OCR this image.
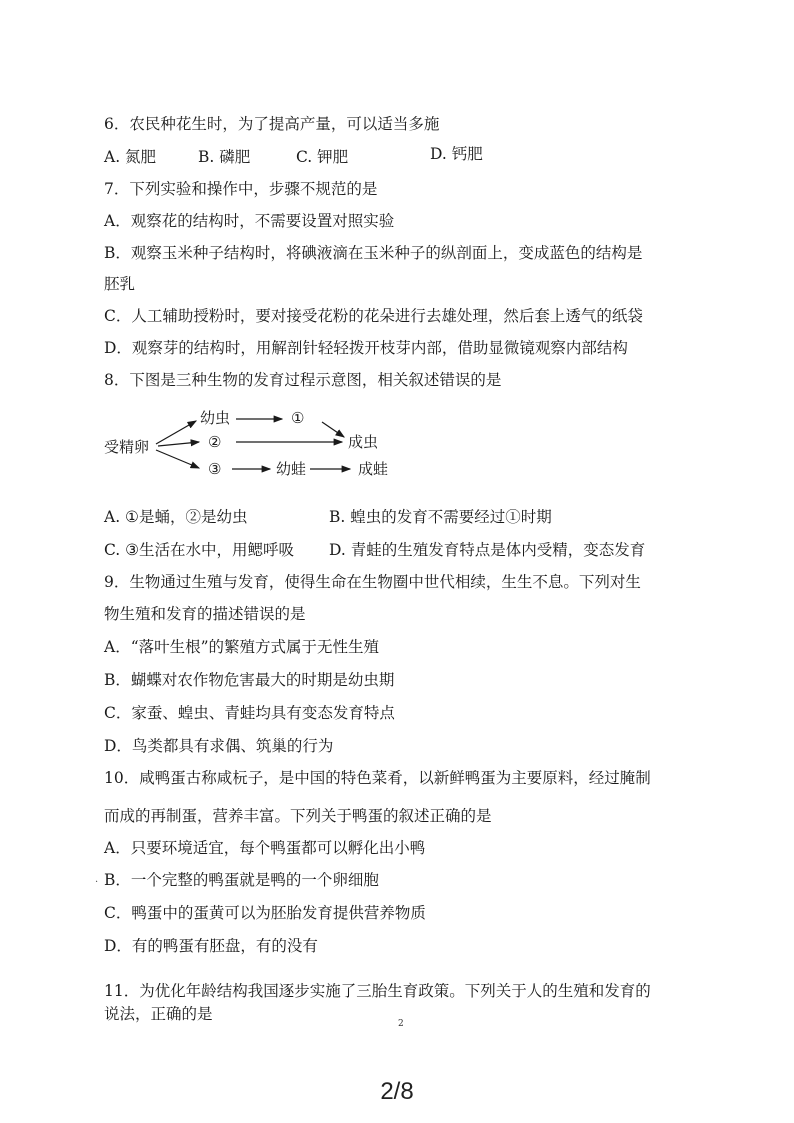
6．农民种花生时，为了提高产量，可以适当多施
A. 氮肥	B. 磷肥	C. 钾肥	D. 钙肥
7．下列实验和操作中，步骤不规范的是
A．观察花的结构时，不需要设置对照实验
B．观察玉米种子结构时，将碘液滴在玉米种子的纵剖面上，变成蓝色的结构是
胚乳
C．人工辅助授粉时，要对接受花粉的花朵进行去雄处理，然后套上透气的纸袋
D．观察芽的结构时，用解剖针轻轻拨开枝芽内部，借助显微镜观察内部结构
8．下图是三种生物的发育过程示意图，相关叙述错误的是
受精卵
幼虫	①
②	成虫
③	幼蛙	成蛙
A. ①是蛹，②是幼虫	B. 蝗虫的发育不需要经过①时期
C. ③生活在水中，用鳃呼吸 D. 青蛙的生殖发育特点是体内受精，变态发育
9．生物通过生殖与发育，使得生命在生物圈中世代相续，生生不息。下列对生
物生殖和发育的描述错误的是
A．“落叶生根”的繁殖方式属于无性生殖
B．蝴蝶对农作物危害最大的时期是幼虫期
C．家蚕、蝗虫、青蛙均具有变态发育特点
D．鸟类都具有求偶、筑巢的行为
10．咸鸭蛋古称咸杬子，是中国的特色菜肴，以新鲜鸭蛋为主要原料，经过腌制
而成的再制蛋，营养丰富。下列关于鸭蛋的叙述正确的是
A．只要环境适宜，每个鸭蛋都可以孵化出小鸭
· B．一个完整的鸭蛋就是鸭的一个卵细胞
C．鸭蛋中的蛋黄可以为胚胎发育提供营养物质
D．有的鸭蛋有胚盘，有的没有
11．为优化年龄结构我国逐步实施了三胎生育政策。下列关于人的生殖和发育的
说法，正确的是
2
2/8
